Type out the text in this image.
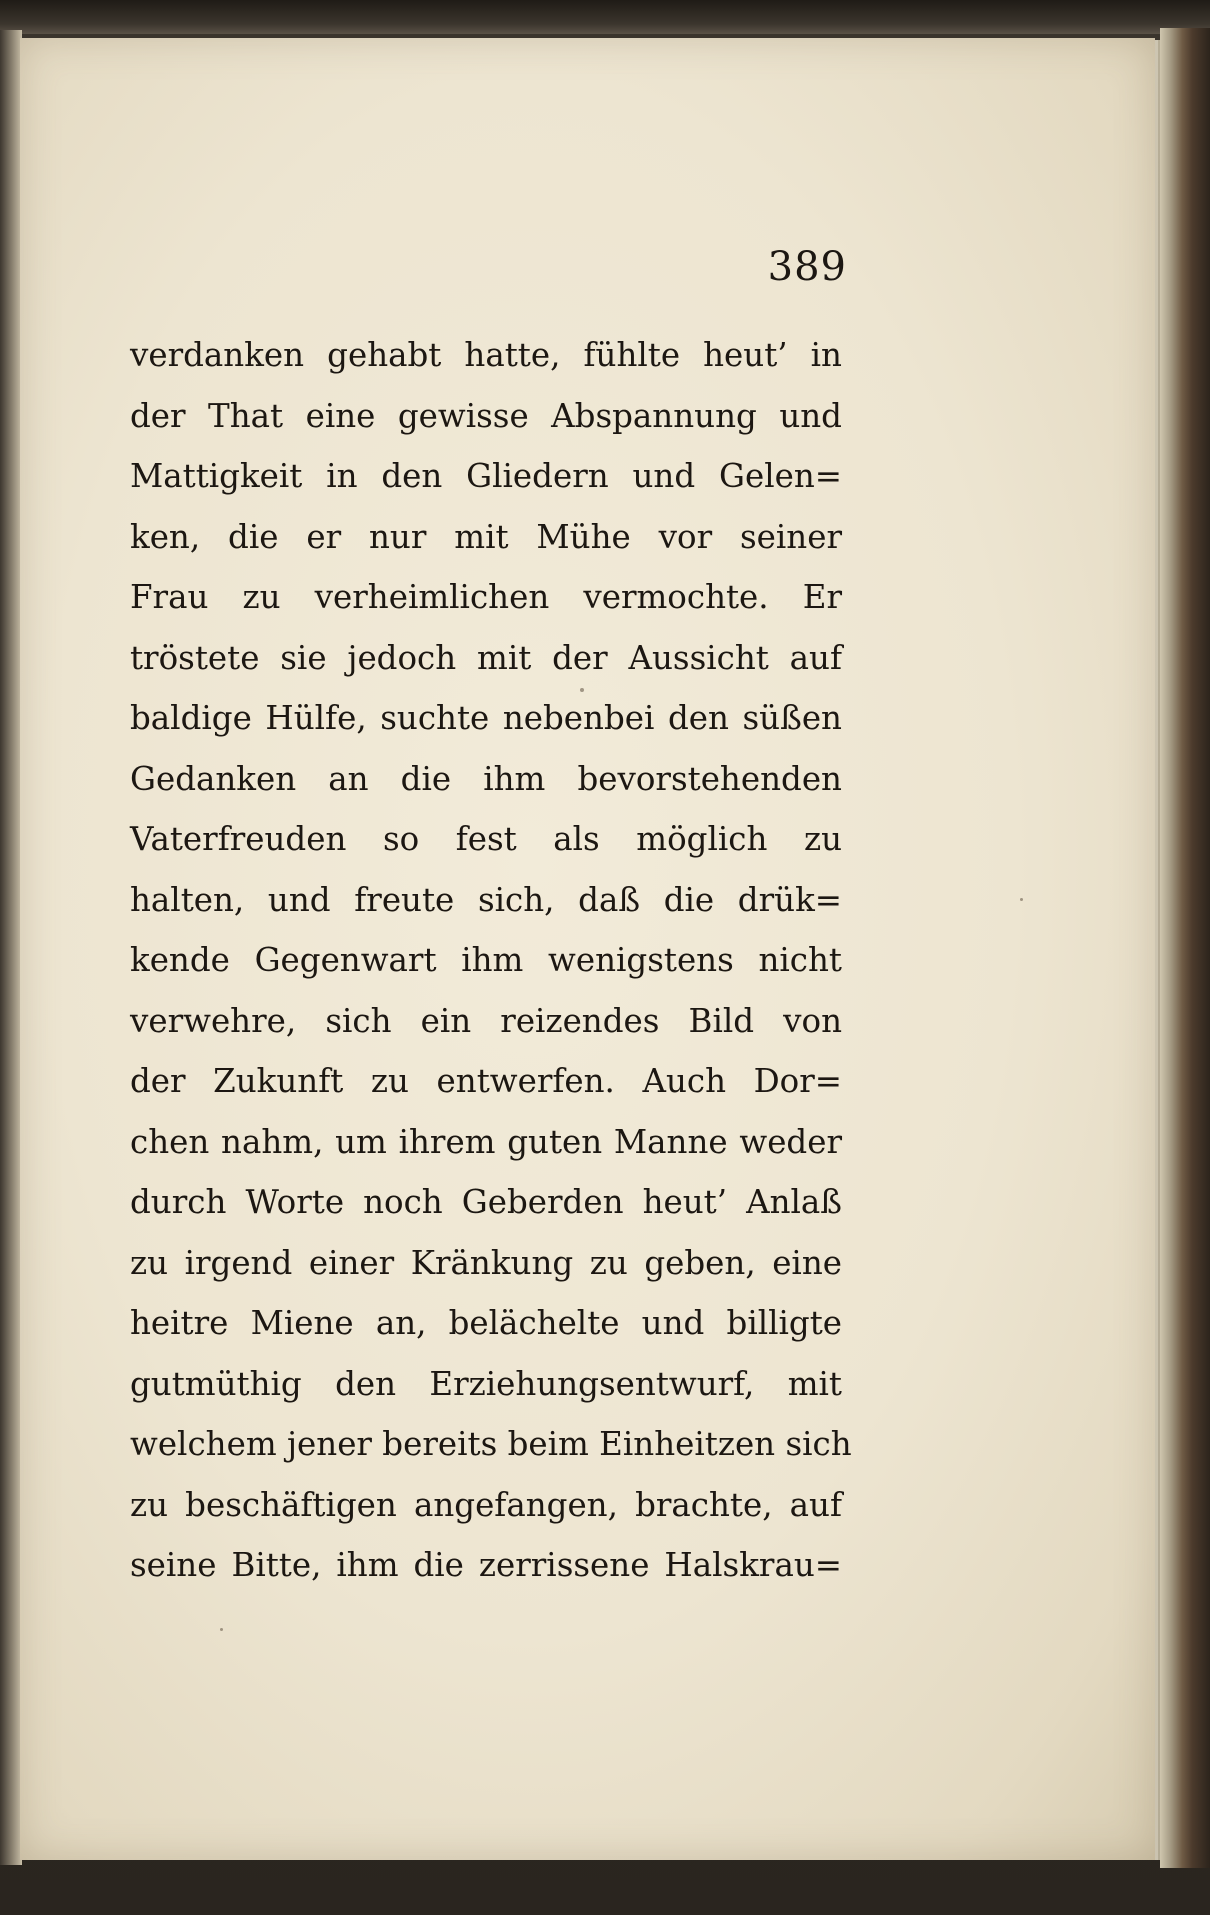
389
verdanken gehabt hatte, fühlte heut’ in
der That eine gewisse Abspannung und
Mattigkeit in den Gliedern und Gelen=
ken, die er nur mit Mühe vor seiner
Frau zu verheimlichen vermochte. Er
tröstete sie jedoch mit der Aussicht auf
baldige Hülfe, suchte nebenbei den süßen
Gedanken an die ihm bevorstehenden
Vaterfreuden so fest als möglich zu
halten, und freute sich, daß die drük=
kende Gegenwart ihm wenigstens nicht
verwehre, sich ein reizendes Bild von
der Zukunft zu entwerfen. Auch Dor=
chen nahm, um ihrem guten Manne weder
durch Worte noch Geberden heut’ Anlaß
zu irgend einer Kränkung zu geben, eine
heitre Miene an, belächelte und billigte
gutmüthig den Erziehungsentwurf, mit
welchem jener bereits beim Einheitzen sich
zu beschäftigen angefangen, brachte, auf
seine Bitte, ihm die zerrissene Halskrau=
